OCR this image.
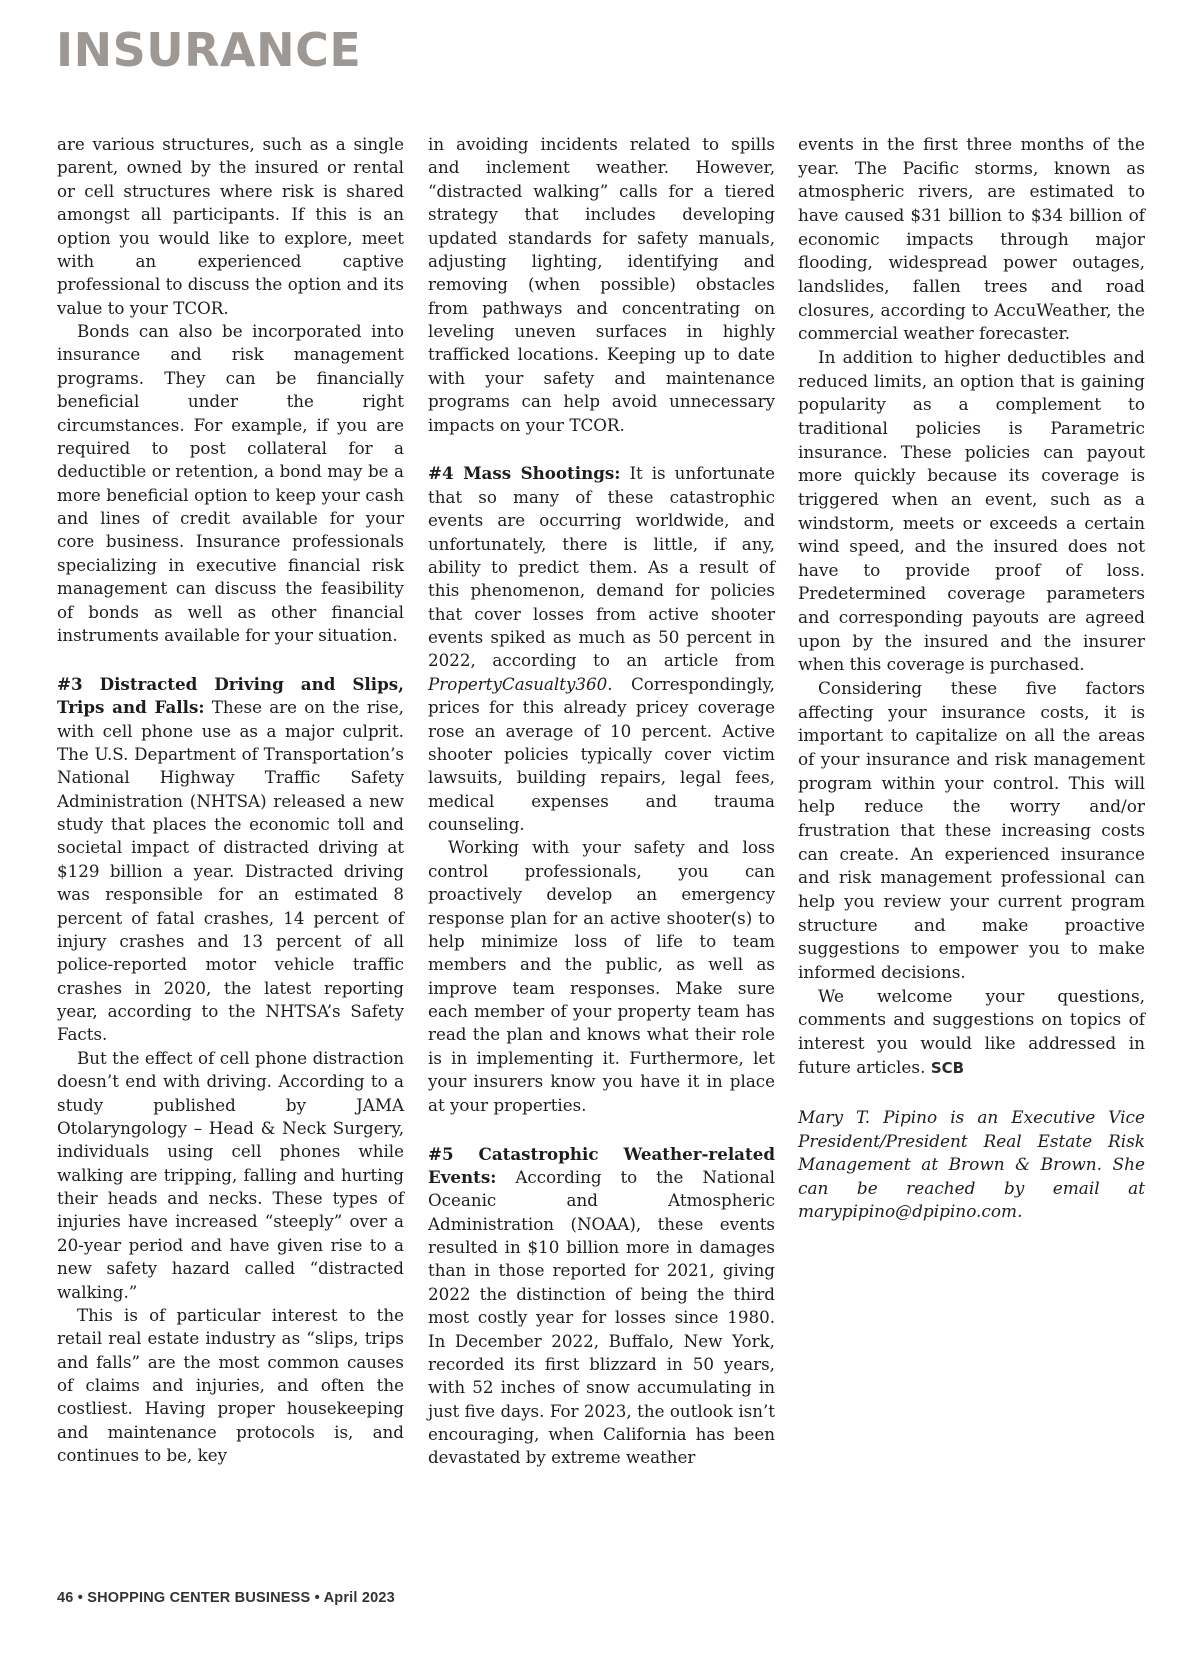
INSURANCE

are various structures, such as a single parent, owned by the insured or rental or cell structures where risk is shared amongst all participants. If this is an option you would like to explore, meet with an experienced captive professional to discuss the option and its value to your TCOR.

Bonds can also be incorporated into insurance and risk management programs. They can be financially beneficial under the right circumstances. For example, if you are required to post collateral for a deductible or retention, a bond may be a more beneficial option to keep your cash and lines of credit available for your core business. Insurance professionals specializing in executive financial risk management can discuss the feasibility of bonds as well as other financial instruments available for your situation.

#3 Distracted Driving and Slips, Trips and Falls: These are on the rise, with cell phone use as a major culprit. The U.S. Department of Transportation’s National Highway Traffic Safety Administration (NHTSA) released a new study that places the economic toll and societal impact of distracted driving at $129 billion a year. Distracted driving was responsible for an estimated 8 percent of fatal crashes, 14 percent of injury crashes and 13 percent of all police-reported motor vehicle traffic crashes in 2020, the latest reporting year, according to the NHTSA’s Safety Facts.

But the effect of cell phone distraction doesn’t end with driving. According to a study published by JAMA Otolaryngology – Head & Neck Surgery, individuals using cell phones while walking are tripping, falling and hurting their heads and necks. These types of injuries have increased “steeply” over a 20-year period and have given rise to a new safety hazard called “distracted walking.”

This is of particular interest to the retail real estate industry as “slips, trips and falls” are the most common causes of claims and injuries, and often the costliest. Having proper housekeeping and maintenance protocols is, and continues to be, key

in avoiding incidents related to spills and inclement weather. However, “distracted walking” calls for a tiered strategy that includes developing updated standards for safety manuals, adjusting lighting, identifying and removing (when possible) obstacles from pathways and concentrating on leveling uneven surfaces in highly trafficked locations. Keeping up to date with your safety and maintenance programs can help avoid unnecessary impacts on your TCOR.

#4 Mass Shootings: It is unfortunate that so many of these catastrophic events are occurring worldwide, and unfortunately, there is little, if any, ability to predict them. As a result of this phenomenon, demand for policies that cover losses from active shooter events spiked as much as 50 percent in 2022, according to an article from PropertyCasualty360. Correspondingly, prices for this already pricey coverage rose an average of 10 percent. Active shooter policies typically cover victim lawsuits, building repairs, legal fees, medical expenses and trauma counseling.

Working with your safety and loss control professionals, you can proactively develop an emergency response plan for an active shooter(s) to help minimize loss of life to team members and the public, as well as improve team responses. Make sure each member of your property team has read the plan and knows what their role is in implementing it. Furthermore, let your insurers know you have it in place at your properties.

#5 Catastrophic Weather-related Events: According to the National Oceanic and Atmospheric Administration (NOAA), these events resulted in $10 billion more in damages than in those reported for 2021, giving 2022 the distinction of being the third most costly year for losses since 1980. In December 2022, Buffalo, New York, recorded its first blizzard in 50 years, with 52 inches of snow accumulating in just five days. For 2023, the outlook isn’t encouraging, when California has been devastated by extreme weather

events in the first three months of the year. The Pacific storms, known as atmospheric rivers, are estimated to have caused $31 billion to $34 billion of economic impacts through major flooding, widespread power outages, landslides, fallen trees and road closures, according to AccuWeather, the commercial weather forecaster.

In addition to higher deductibles and reduced limits, an option that is gaining popularity as a complement to traditional policies is Parametric insurance. These policies can payout more quickly because its coverage is triggered when an event, such as a windstorm, meets or exceeds a certain wind speed, and the insured does not have to provide proof of loss. Predetermined coverage parameters and corresponding payouts are agreed upon by the insured and the insurer when this coverage is purchased.

Considering these five factors affecting your insurance costs, it is important to capitalize on all the areas of your insurance and risk management program within your control. This will help reduce the worry and/or frustration that these increasing costs can create. An experienced insurance and risk management professional can help you review your current program structure and make proactive suggestions to empower you to make informed decisions.

We welcome your questions, comments and suggestions on topics of interest you would like addressed in future articles. SCB

Mary T. Pipino is an Executive Vice President/President Real Estate Risk Management at Brown & Brown. She can be reached by email at marypipino@dpipino.com.

46 • SHOPPING CENTER BUSINESS • April 2023
